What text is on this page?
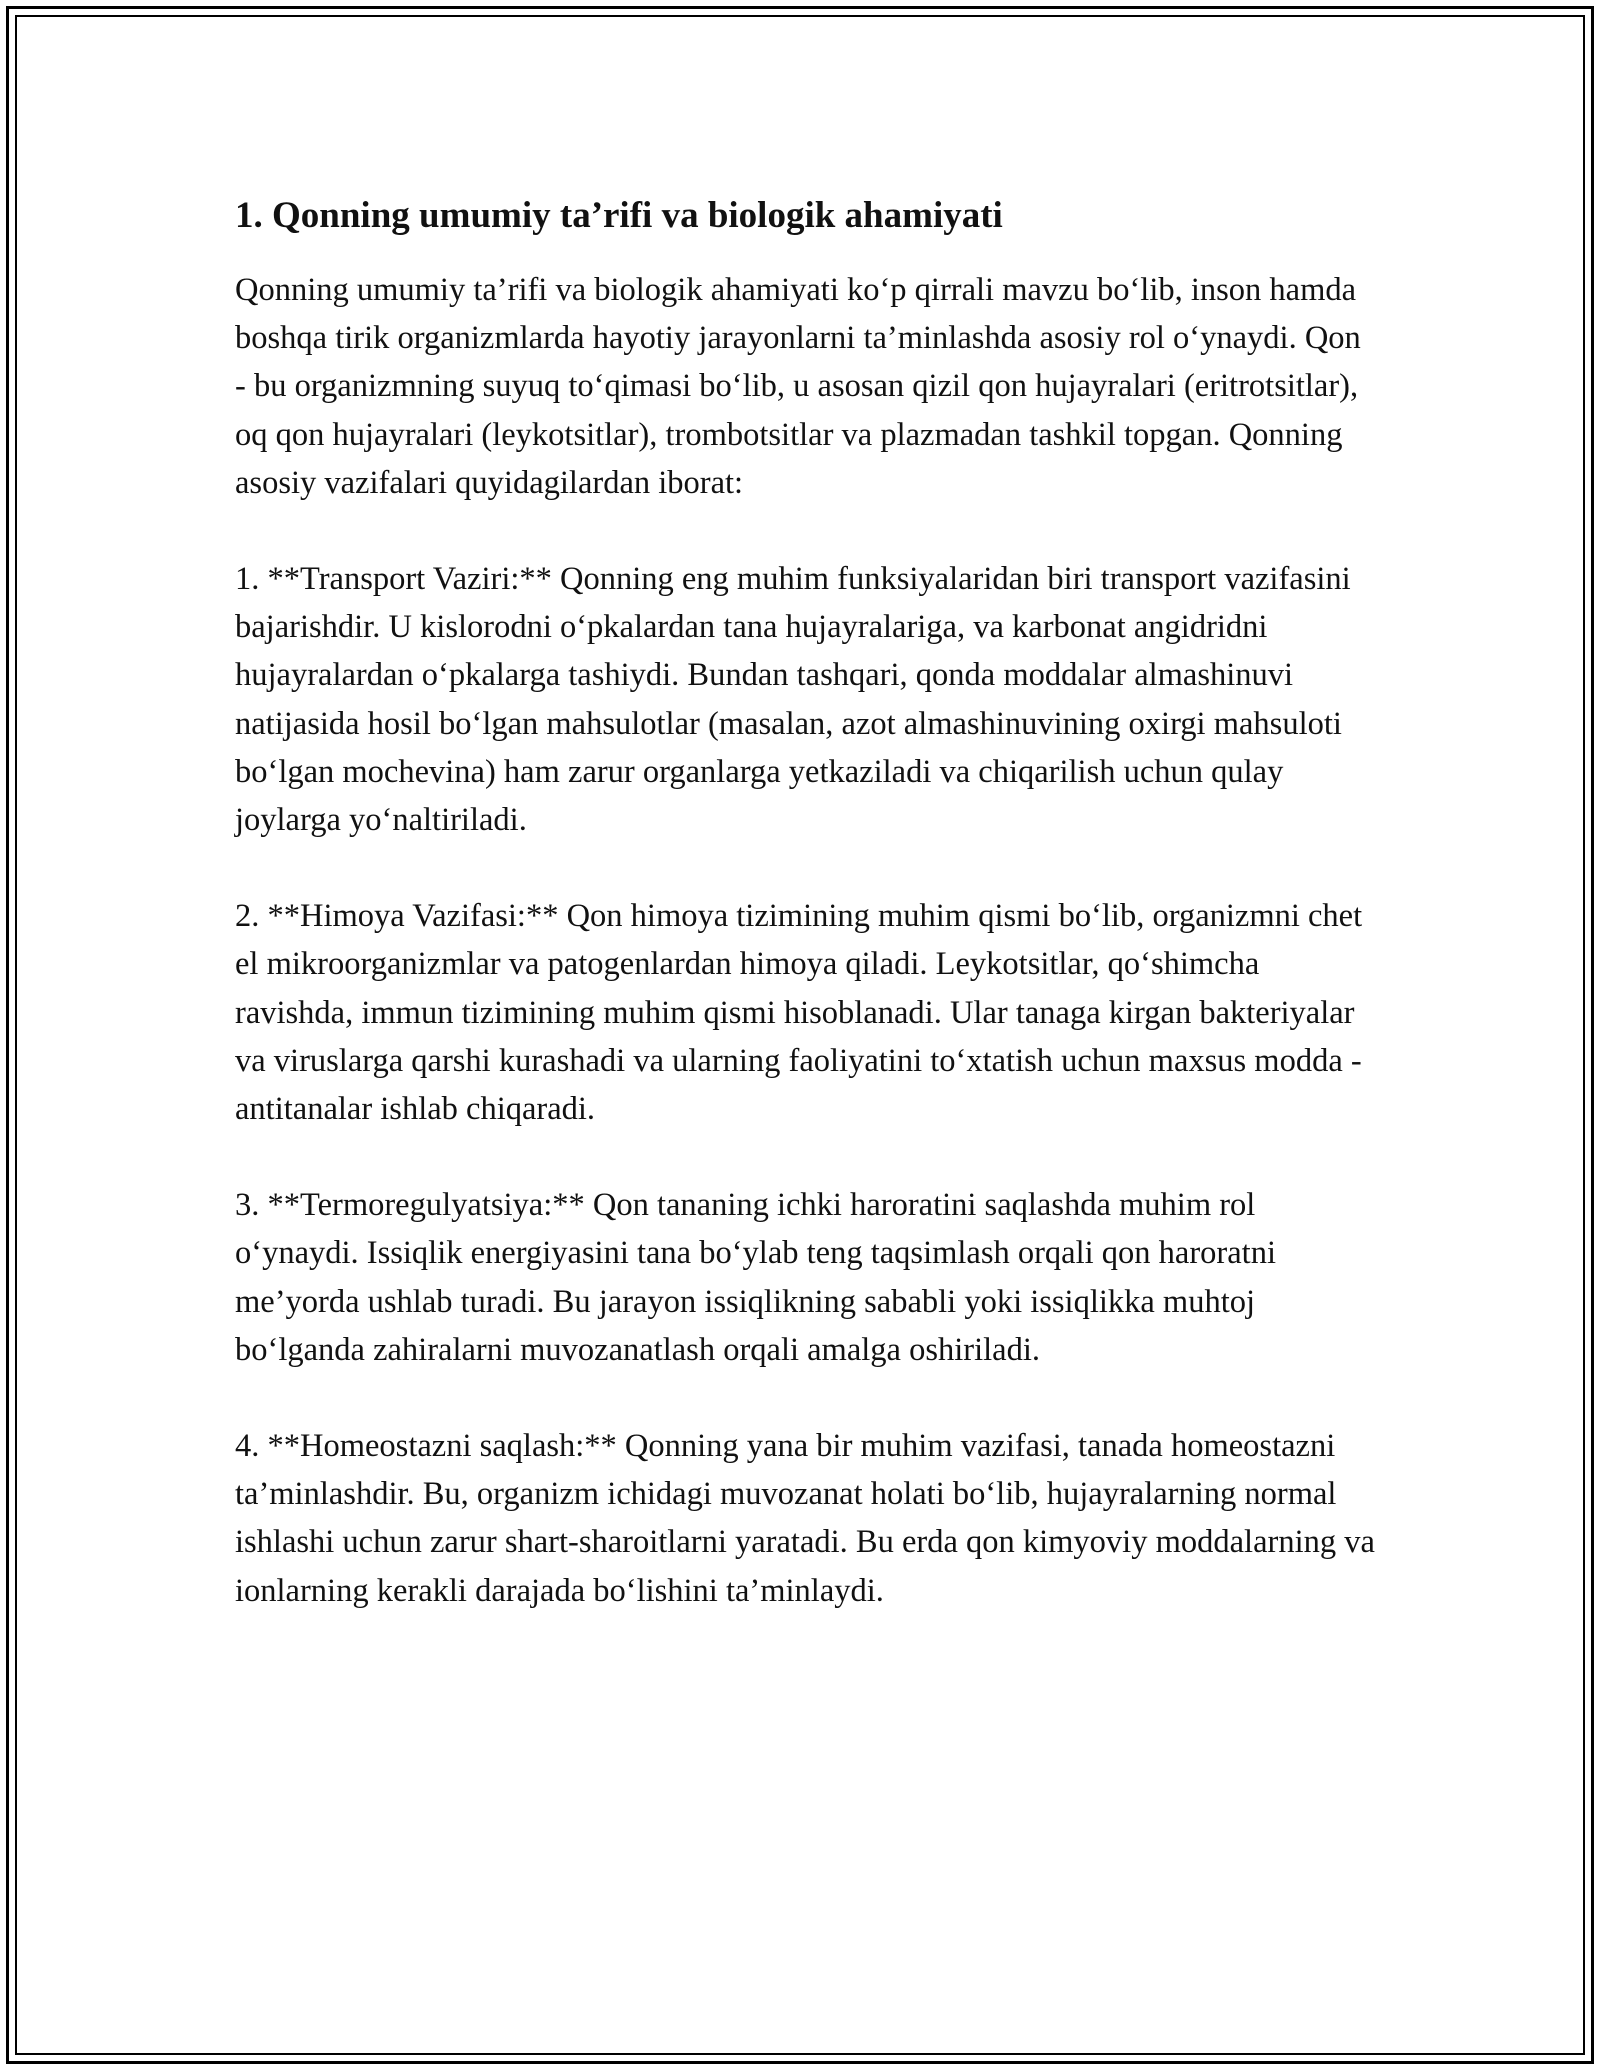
1. Qonning umumiy ta’rifi va biologik ahamiyati

Qonning umumiy ta’rifi va biologik ahamiyati ko‘p qirrali mavzu bo‘lib, inson hamda boshqa tirik organizmlarda hayotiy jarayonlarni ta’minlashda asosiy rol o‘ynaydi. Qon - bu organizmning suyuq to‘qimasi bo‘lib, u asosan qizil qon hujayralari (eritrotsitlar), oq qon hujayralari (leykotsitlar), trombotsitlar va plazmadan tashkil topgan. Qonning asosiy vazifalari quyidagilardan iborat:

1. **Transport Vaziri:** Qonning eng muhim funksiyalaridan biri transport vazifasini bajarishdir. U kislorodni o‘pkalardan tana hujayralariga, va karbonat angidridni hujayralardan o‘pkalarga tashiydi. Bundan tashqari, qonda moddalar almashinuvi natijasida hosil bo‘lgan mahsulotlar (masalan, azot almashinuvining oxirgi mahsuloti bo‘lgan mochevina) ham zarur organlarga yetkaziladi va chiqarilish uchun qulay joylarga yo‘naltiriladi.

2. **Himoya Vazifasi:** Qon himoya tizimining muhim qismi bo‘lib, organizmni chet el mikroorganizmlar va patogenlardan himoya qiladi. Leykotsitlar, qo‘shimcha ravishda, immun tizimining muhim qismi hisoblanadi. Ular tanaga kirgan bakteriyalar va viruslarga qarshi kurashadi va ularning faoliyatini to‘xtatish uchun maxsus modda - antitanalar ishlab chiqaradi.

3. **Termoregulyatsiya:** Qon tananing ichki haroratini saqlashda muhim rol o‘ynaydi. Issiqlik energiyasini tana bo‘ylab teng taqsimlash orqali qon haroratni me’yorda ushlab turadi. Bu jarayon issiqlikning sababli yoki issiqlikka muhtoj bo‘lganda zahiralarni muvozanatlash orqali amalga oshiriladi.

4. **Homeostazni saqlash:** Qonning yana bir muhim vazifasi, tanada homeostazni ta’minlashdir. Bu, organizm ichidagi muvozanat holati bo‘lib, hujayralarning normal ishlashi uchun zarur shart-sharoitlarni yaratadi. Bu erda qon kimyoviy moddalarning va ionlarning kerakli darajada bo‘lishini ta’minlaydi.
